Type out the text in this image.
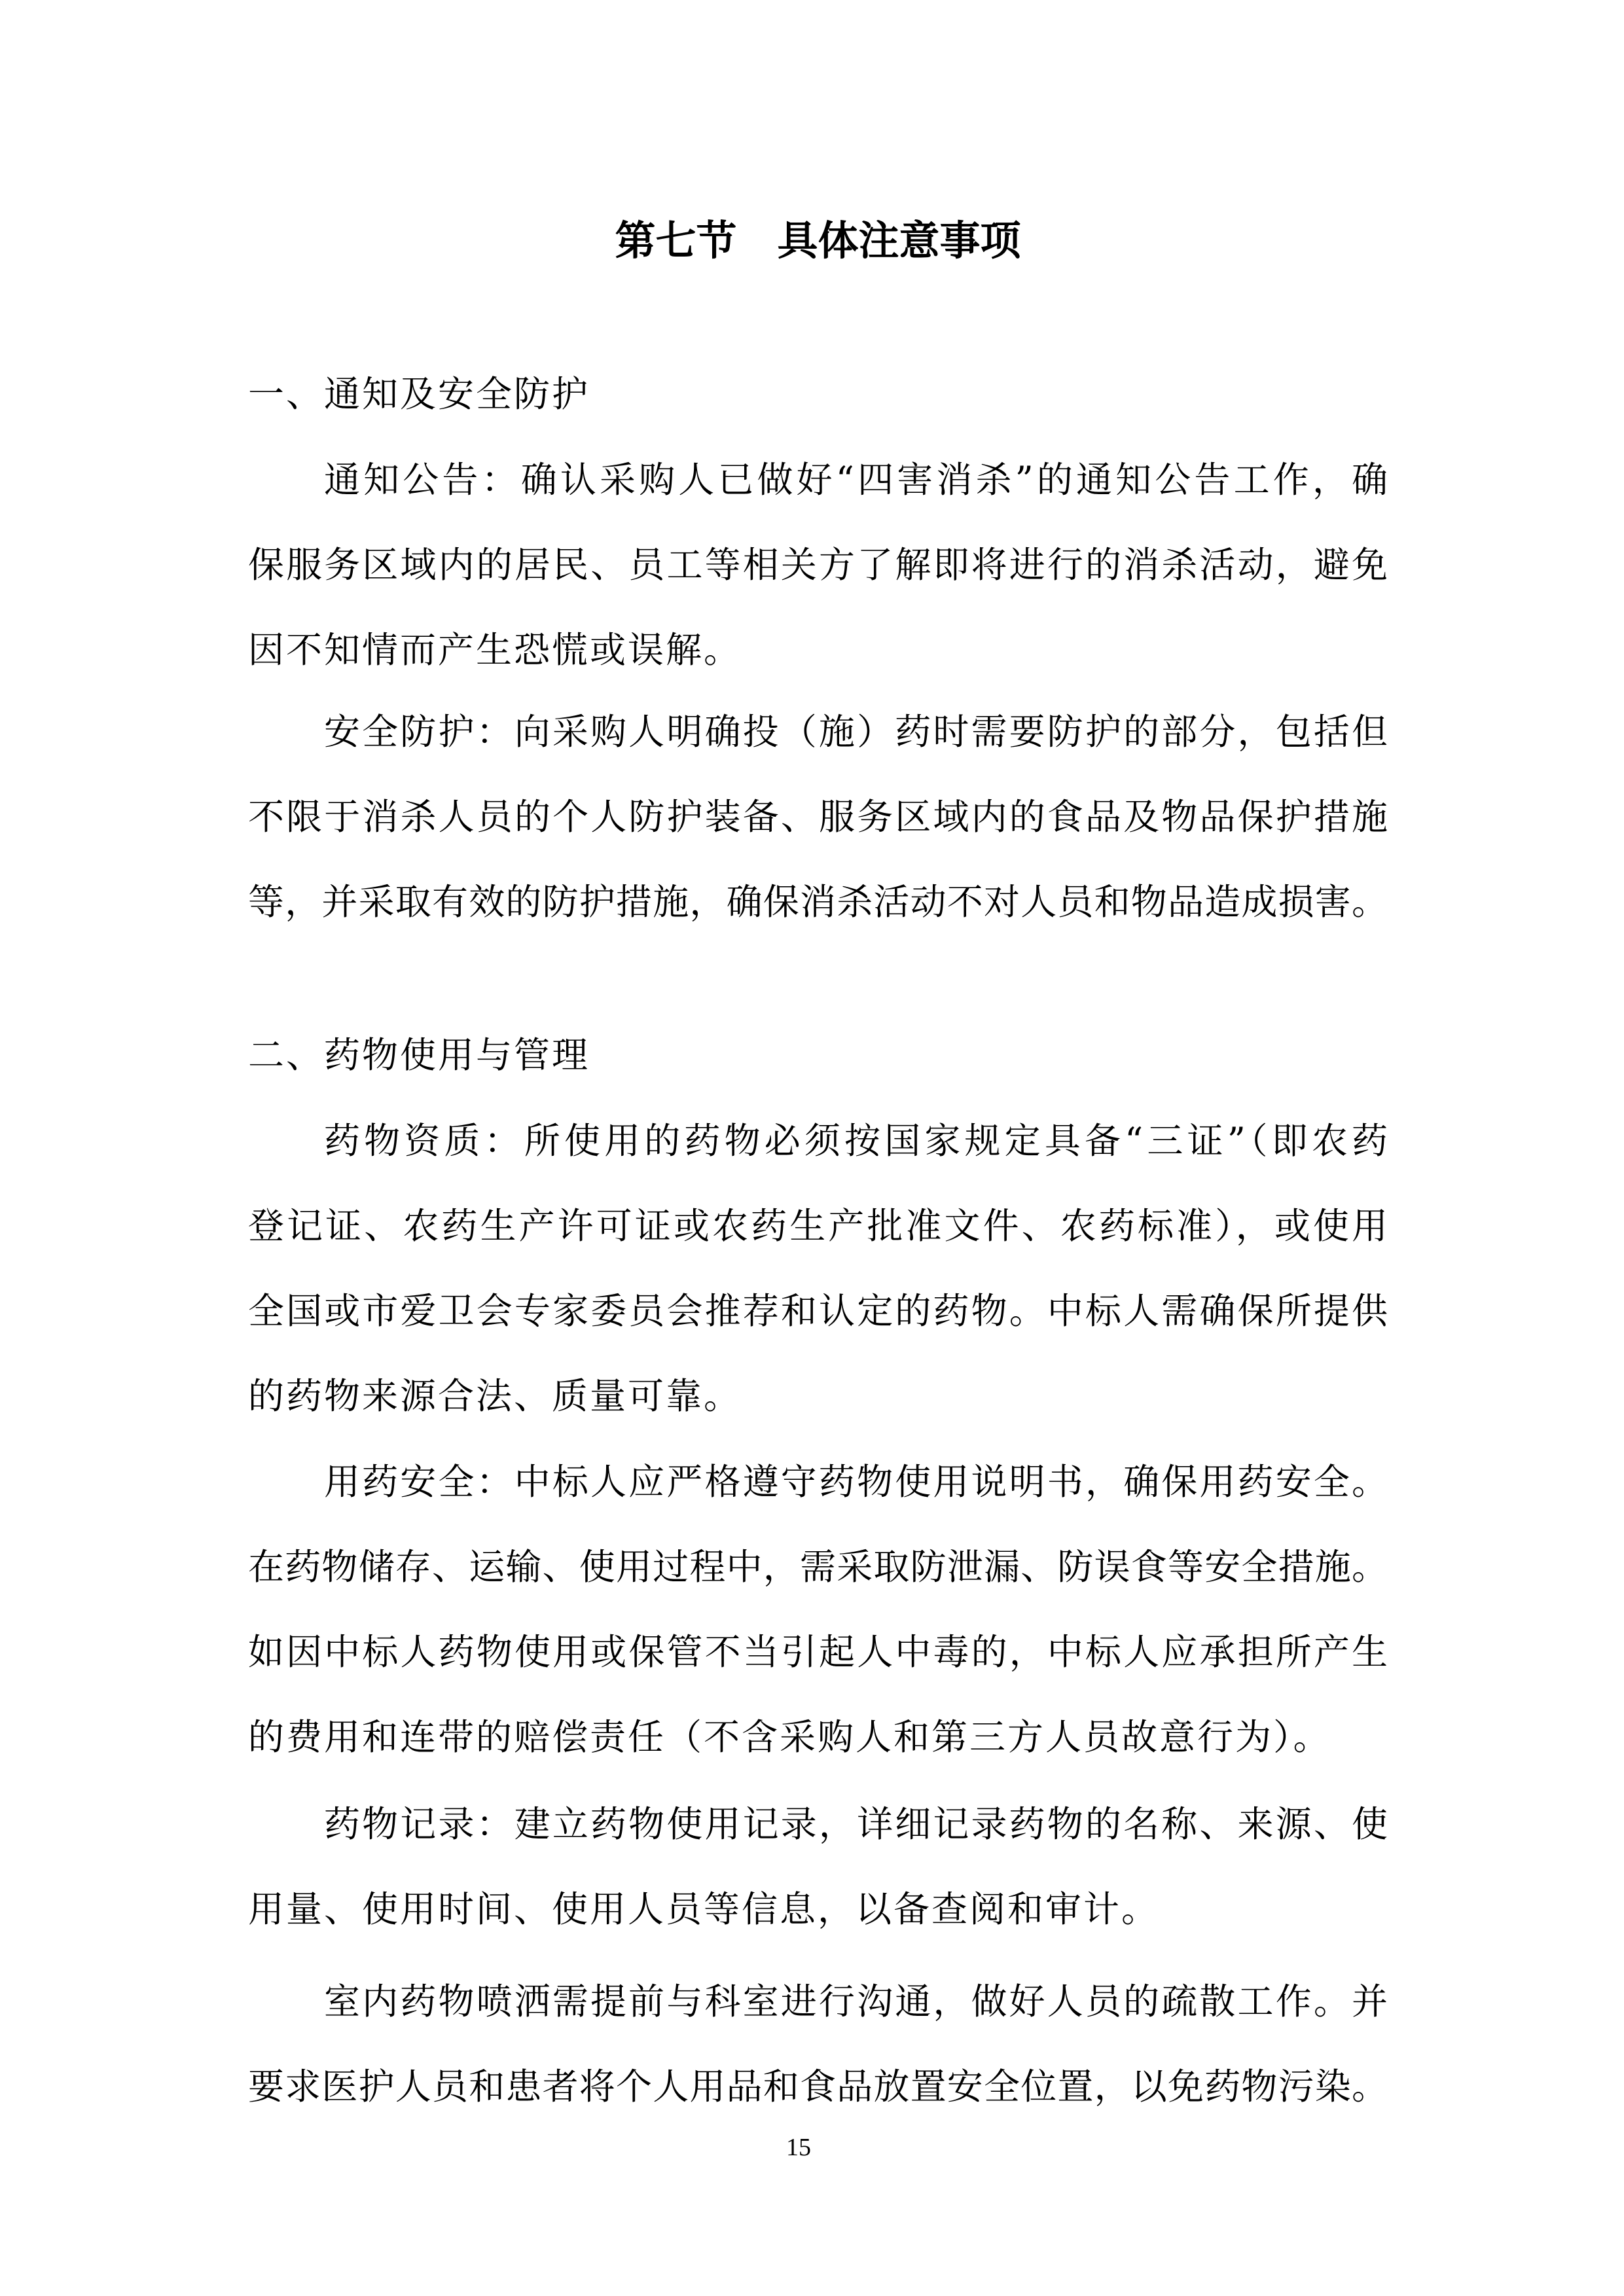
第七节　具体注意事项
一、通知及安全防护
通知公告：确认采购人已做好“四害消杀”的通知公告工作，确
保服务区域内的居民、员工等相关方了解即将进行的消杀活动，避免
因不知情而产生恐慌或误解。
安全防护：向采购人明确投（施）药时需要防护的部分，包括但
不限于消杀人员的个人防护装备、服务区域内的食品及物品保护措施
等，并采取有效的防护措施，确保消杀活动不对人员和物品造成损害。
二、药物使用与管理
药物资质：所使用的药物必须按国家规定具备“三证”（即农药
登记证、农药生产许可证或农药生产批准文件、农药标准），或使用
全国或市爱卫会专家委员会推荐和认定的药物。中标人需确保所提供
的药物来源合法、质量可靠。
用药安全：中标人应严格遵守药物使用说明书，确保用药安全。
在药物储存、运输、使用过程中，需采取防泄漏、防误食等安全措施。
如因中标人药物使用或保管不当引起人中毒的，中标人应承担所产生
的费用和连带的赔偿责任（不含采购人和第三方人员故意行为）。
药物记录：建立药物使用记录，详细记录药物的名称、来源、使
用量、使用时间、使用人员等信息，以备查阅和审计。
室内药物喷洒需提前与科室进行沟通，做好人员的疏散工作。并
要求医护人员和患者将个人用品和食品放置安全位置，以免药物污染。
15
